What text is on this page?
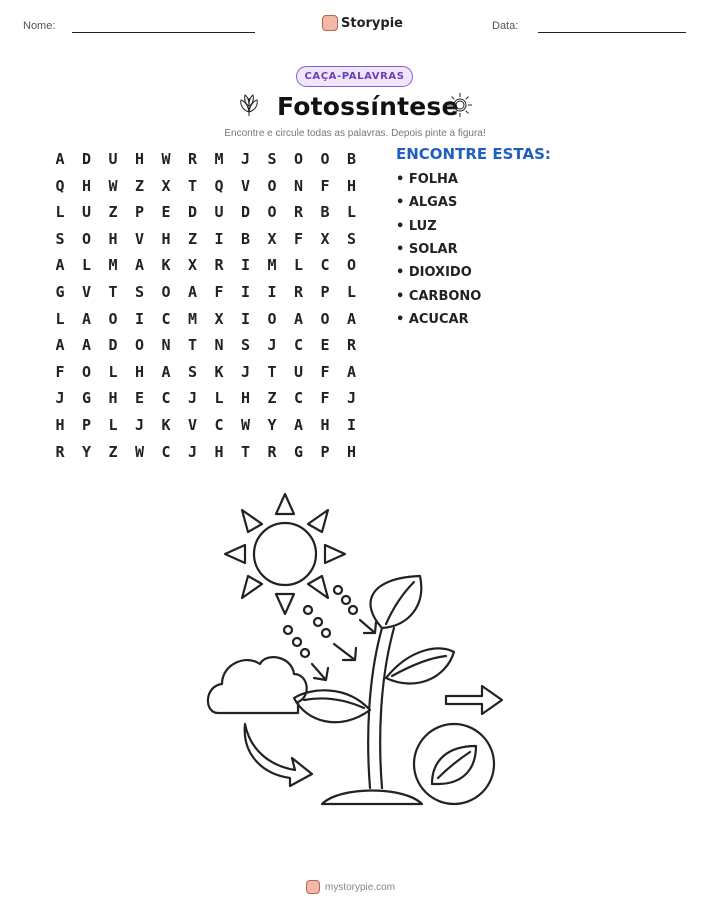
Nome:	Storypie	Data:
CAÇA-PALAVRAS
Fotossíntese
Encontre e circule todas as palavras. Depois pinte a figura!
A	D	U	H	W	R	M	J	S	O	O	B
Q	H	W	Z	X	T	Q	V	O	N	F	H
L	U	Z	P	E	D	U	D	O	R	B	L
S	O	H	V	H	Z	I	B	X	F	X	S
A	L	M	A	K	X	R	I	M	L	C	O
G	V	T	S	O	A	F	I	I	R	P	L
L	A	O	I	C	M	X	I	O	A	O	A
A	A	D	O	N	T	N	S	J	C	E	R
F	O	L	H	A	S	K	J	T	U	F	A
J	G	H	E	C	J	L	H	Z	C	F	J
H	P	L	J	K	V	C	W	Y	A	H	I
R	Y	Z	W	C	J	H	T	R	G	P	H
ENCONTRE ESTAS:
• FOLHA
• ALGAS
• LUZ
• SOLAR
• DIOXIDO
• CARBONO
• ACUCAR
mystorypie.com
